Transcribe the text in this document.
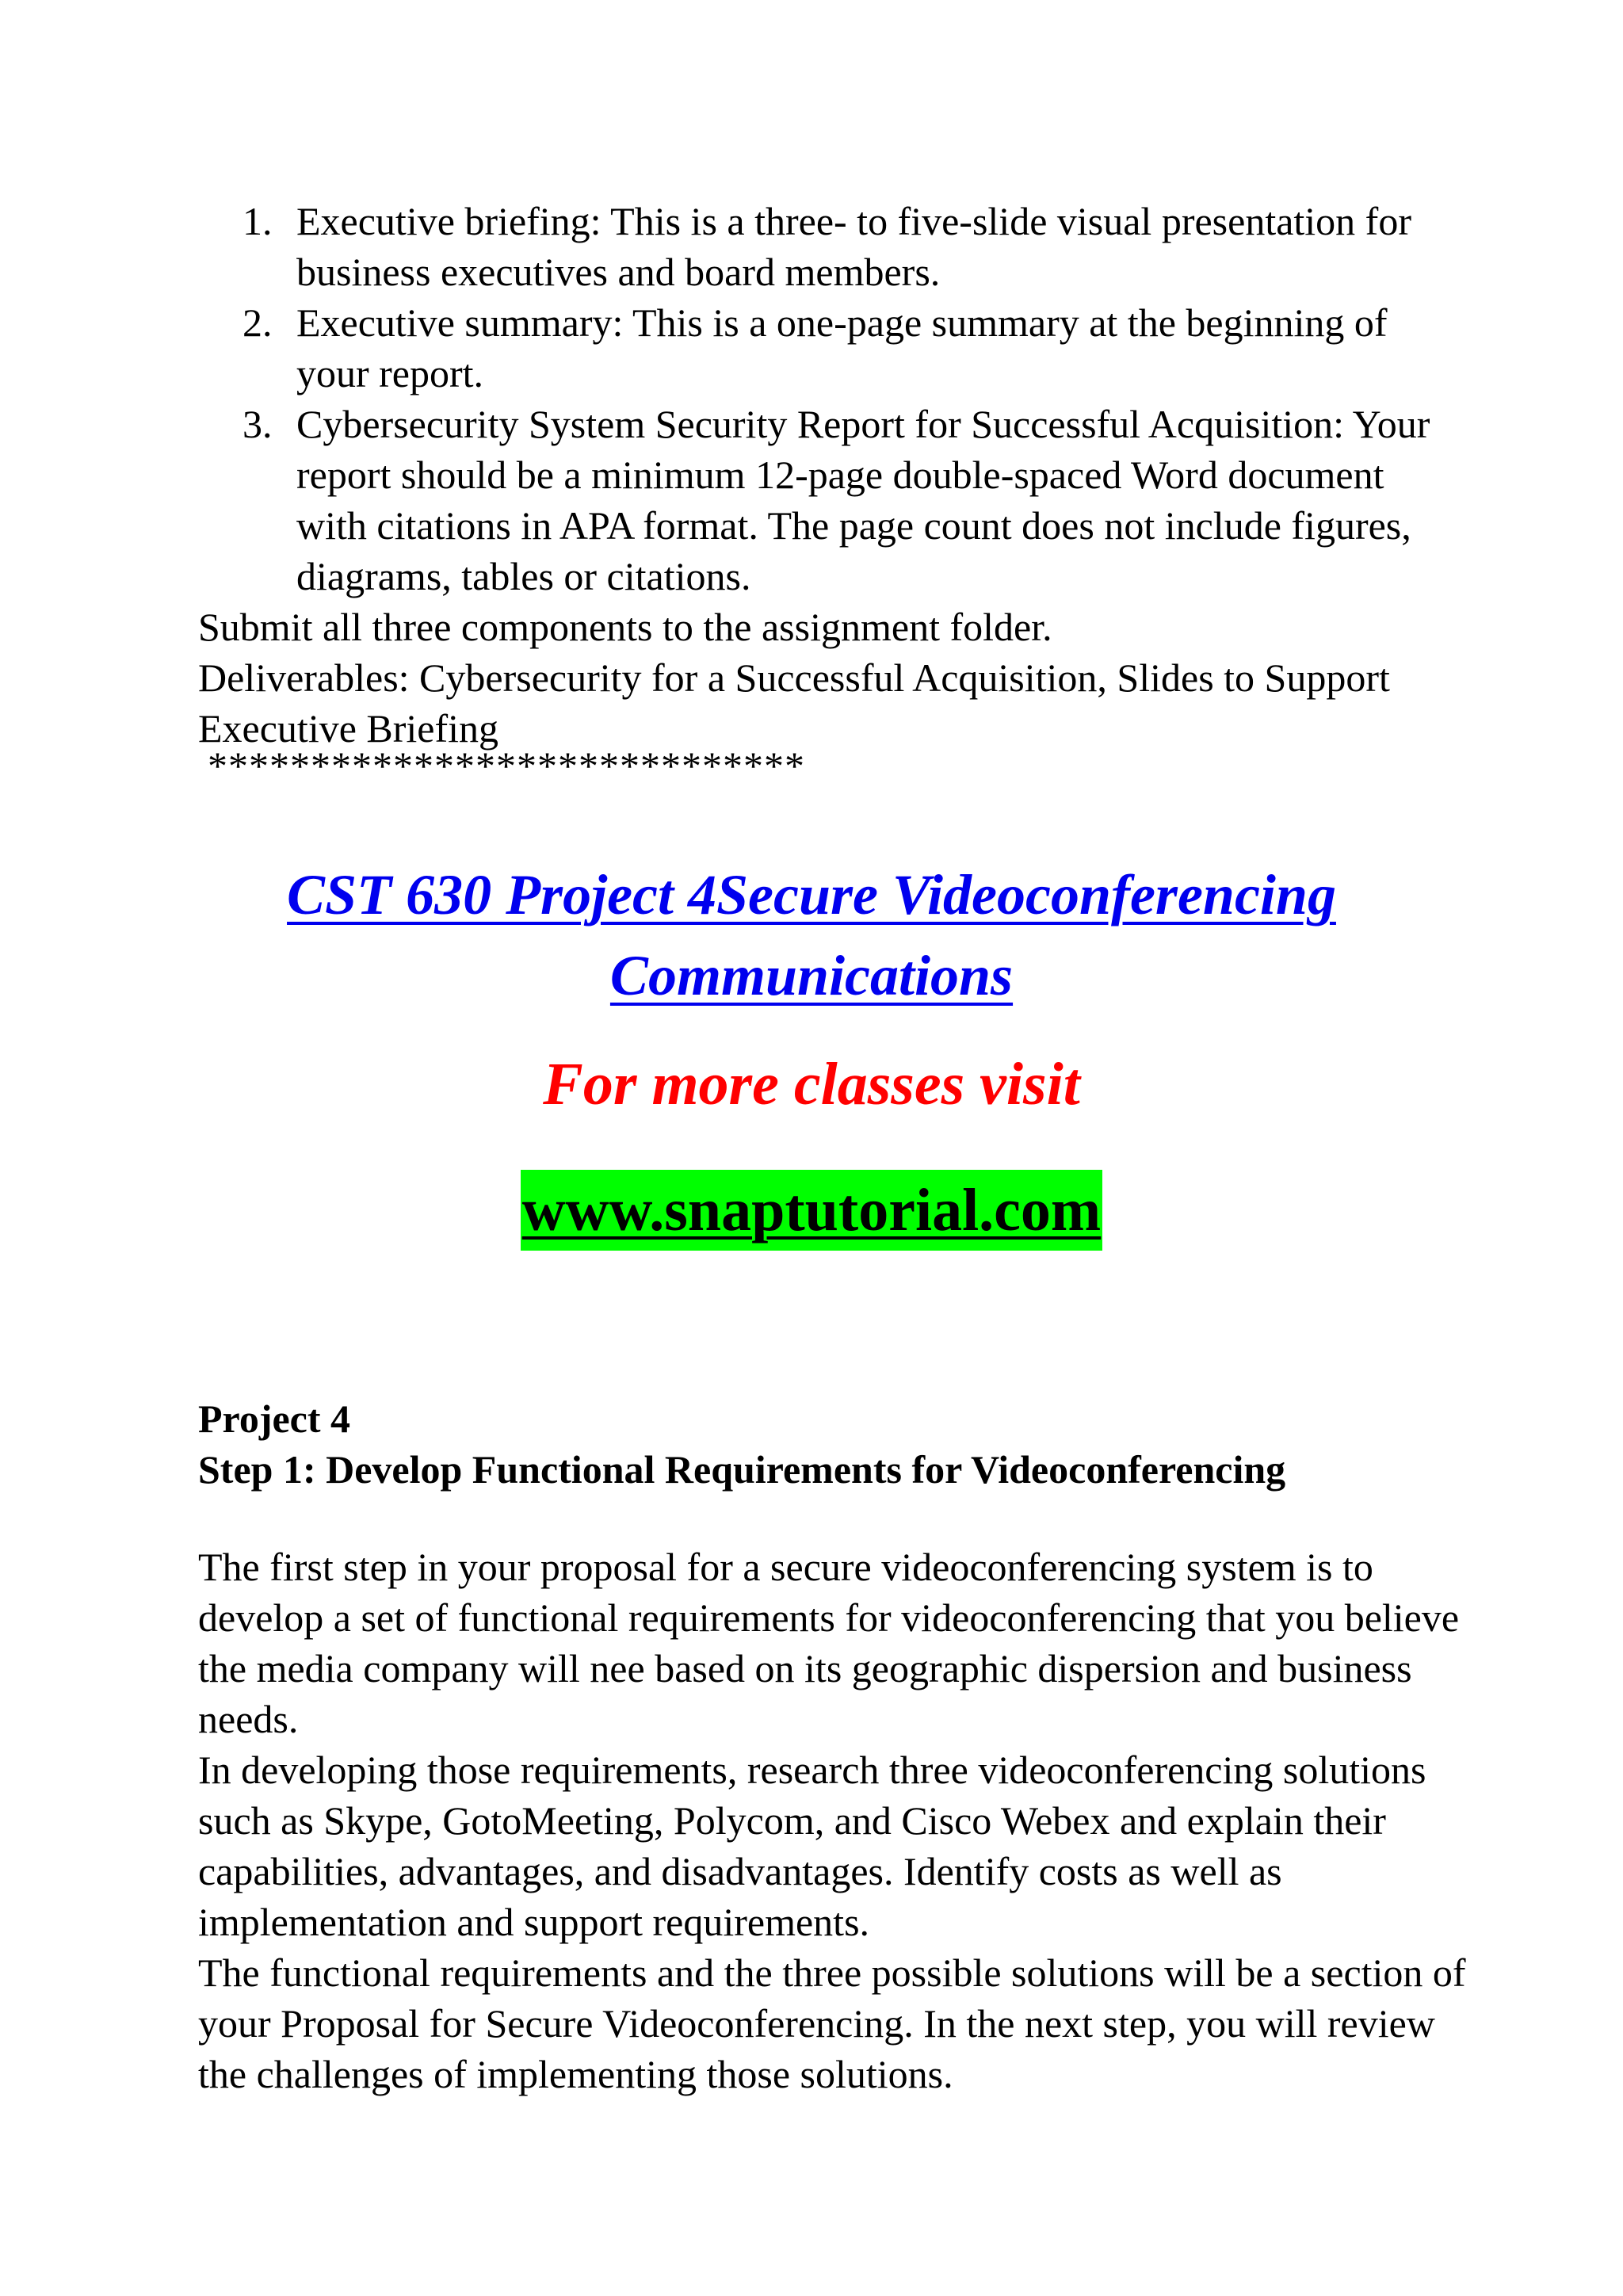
1. Executive briefing: This is a three- to five-slide visual presentation for business executives and board members.
2. Executive summary: This is a one-page summary at the beginning of your report.
3. Cybersecurity System Security Report for Successful Acquisition: Your report should be a minimum 12-page double-spaced Word document with citations in APA format. The page count does not include figures, diagrams, tables or citations.
Submit all three components to the assignment folder.
Deliverables: Cybersecurity for a Successful Acquisition, Slides to Support Executive Briefing
*****************************
CST 630 Project 4Secure Videoconferencing
Communications
For more classes visit
www.snaptutorial.com
Project 4
Step 1: Develop Functional Requirements for Videoconferencing

The first step in your proposal for a secure videoconferencing system is to develop a set of functional requirements for videoconferencing that you believe the media company will nee based on its geographic dispersion and business needs.

In developing those requirements, research three videoconferencing solutions such as Skype, GotoMeeting, Polycom, and Cisco Webex and explain their capabilities, advantages, and disadvantages. Identify costs as well as implementation and support requirements.

The functional requirements and the three possible solutions will be a section of your Proposal for Secure Videoconferencing. In the next step, you will review the challenges of implementing those solutions.
